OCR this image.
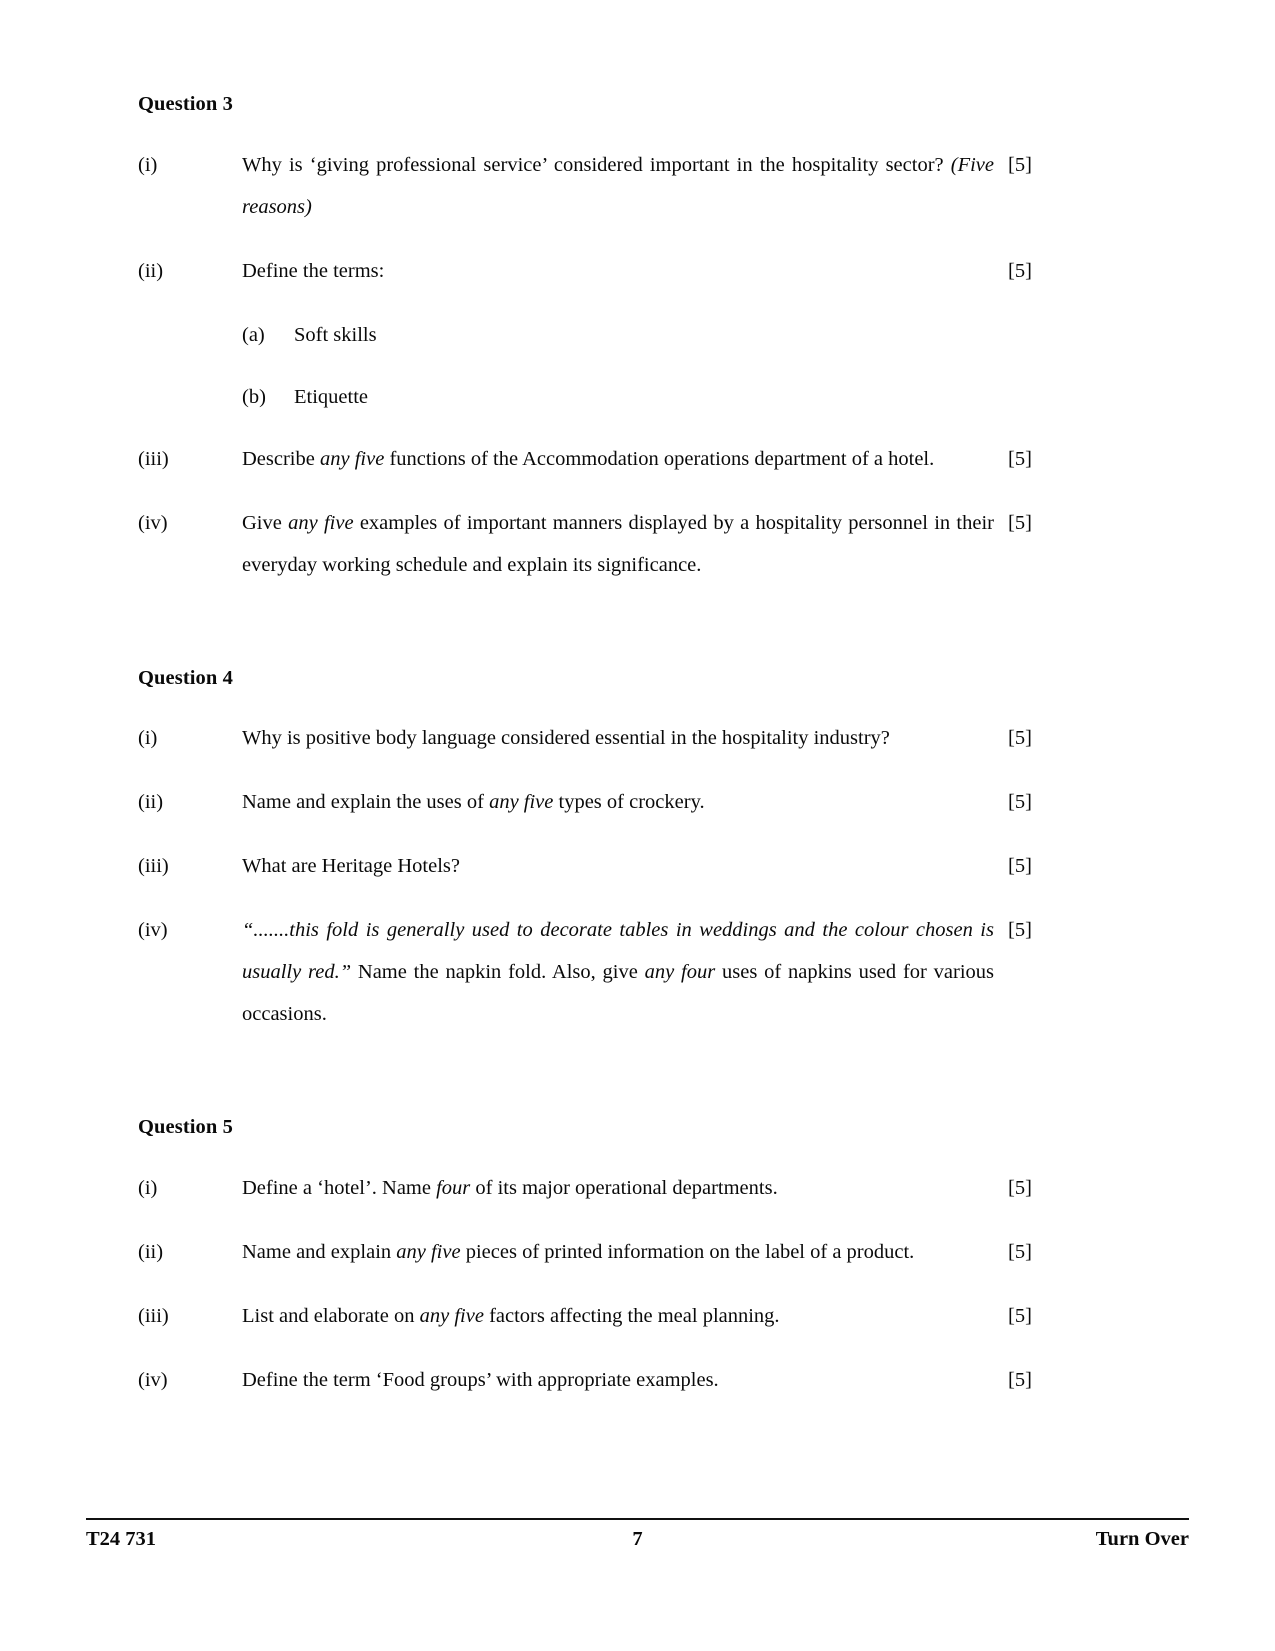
Question 3
(i)	Why is ‘giving professional service’ considered important in the hospitality sector? (Five reasons)
[5]
(ii)	Define the terms:	[5]
(a)	Soft skills
(b)	Etiquette
(iii)	Describe any five functions of the Accommodation operations department of a hotel.	[5]
(iv)	Give any five examples of important manners displayed by a hospitality personnel in their everyday working schedule and explain its significance.
[5]
Question 4
(i)	Why is positive body language considered essential in the hospitality industry?	[5]
(ii)	Name and explain the uses of any five types of crockery.	[5]
(iii)	What are Heritage Hotels?	[5]
(iv)	“.......this fold is generally used to decorate tables in weddings and the colour chosen is usually red.” Name the napkin fold. Also, give any four uses of napkins used for various occasions.
[5]
Question 5
(i)	Define a ‘hotel’. Name four of its major operational departments.	[5]
(ii)	Name and explain any five pieces of printed information on the label of a product.	[5]
(iii)	List and elaborate on any five factors affecting the meal planning.	[5]
(iv)	Define the term ‘Food groups’ with appropriate examples.	[5]
T24 731	7	Turn Over
